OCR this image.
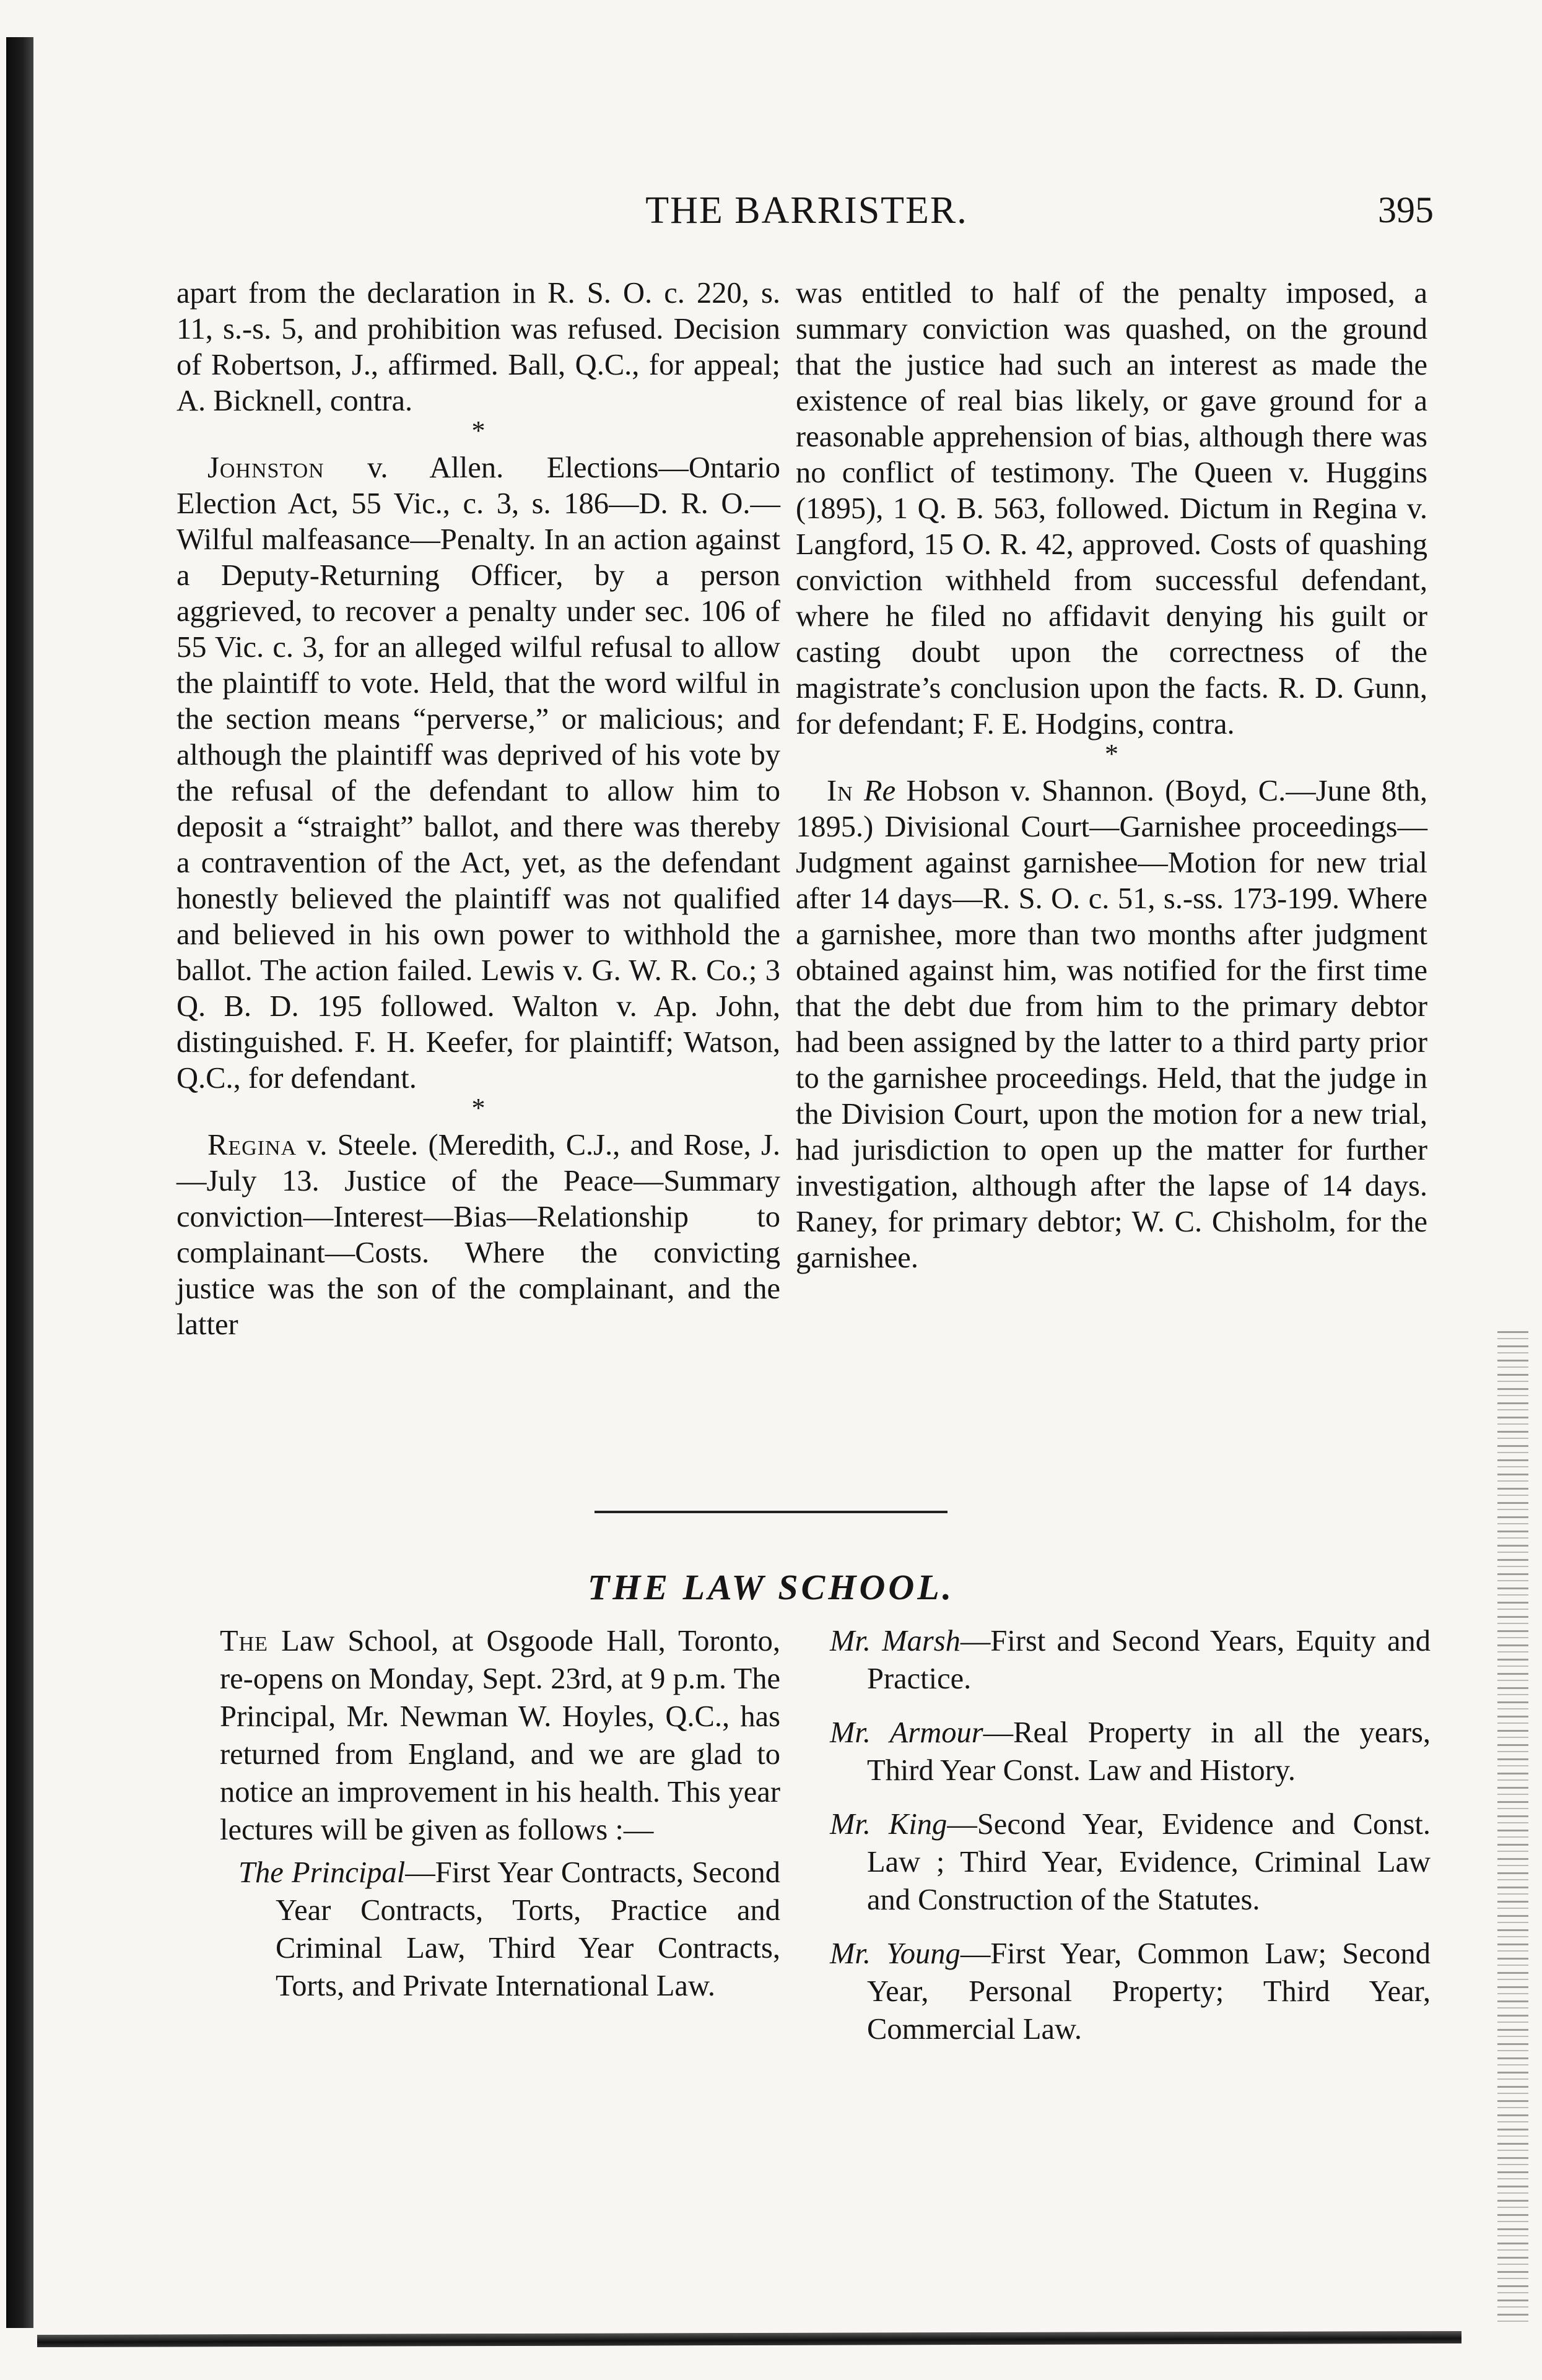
THE BARRISTER.	395

apart from the declaration in R. S. O. c. 220, s. 11, s.-s. 5, and prohibition was refused. Decision of Robertson, J., affirmed. Ball, Q.C., for appeal; A. Bicknell, contra.

*

Johnston v. Allen. Elections—Ontario Election Act, 55 Vic., c. 3, s. 186—D. R. O.—Wilful malfeasance—Penalty. In an action against a Deputy-Returning Officer, by a person aggrieved, to recover a penalty under sec. 106 of 55 Vic. c. 3, for an alleged wilful refusal to allow the plaintiff to vote. Held, that the word wilful in the section means “perverse,” or malicious; and although the plaintiff was deprived of his vote by the refusal of the defendant to allow him to deposit a “straight” ballot, and there was thereby a contravention of the Act, yet, as the defendant honestly believed the plaintiff was not qualified and believed in his own power to withhold the ballot. The action failed. Lewis v. G. W. R. Co.; 3 Q. B. D. 195 followed. Walton v. Ap. John, distinguished. F. H. Keefer, for plaintiff; Watson, Q.C., for defendant.

*

Regina v. Steele. (Meredith, C.J., and Rose, J.—July 13. Justice of the Peace—Summary conviction—Interest—Bias—Relationship to complainant—Costs. Where the convicting justice was the son of the complainant, and the latter

was entitled to half of the penalty imposed, a summary conviction was quashed, on the ground that the justice had such an interest as made the existence of real bias likely, or gave ground for a reasonable apprehension of bias, although there was no conflict of testimony. The Queen v. Huggins (1895), 1 Q. B. 563, followed. Dictum in Regina v. Langford, 15 O. R. 42, approved. Costs of quashing conviction withheld from successful defendant, where he filed no affidavit denying his guilt or casting doubt upon the correctness of the magistrate’s conclusion upon the facts. R. D. Gunn, for defendant; F. E. Hodgins, contra.

*

In Re Hobson v. Shannon. (Boyd, C.—June 8th, 1895.) Divisional Court—Garnishee proceedings—Judgment against garnishee—Motion for new trial after 14 days—R. S. O. c. 51, s.-ss. 173-199. Where a garnishee, more than two months after judgment obtained against him, was notified for the first time that the debt due from him to the primary debtor had been assigned by the latter to a third party prior to the garnishee proceedings. Held, that the judge in the Division Court, upon the motion for a new trial, had jurisdiction to open up the matter for further investigation, although after the lapse of 14 days. Raney, for primary debtor; W. C. Chisholm, for the garnishee.

THE LAW SCHOOL.

The Law School, at Osgoode Hall, Toronto, re-opens on Monday, Sept. 23rd, at 9 p.m. The Principal, Mr. Newman W. Hoyles, Q.C., has returned from England, and we are glad to notice an improvement in his health. This year lectures will be given as follows :—

The Principal—First Year Contracts, Second Year Contracts, Torts, Practice and Criminal Law, Third Year Contracts, Torts, and Private International Law.

Mr. Marsh—First and Second Years, Equity and Practice.

Mr. Armour—Real Property in all the years, Third Year Const. Law and History.

Mr. King—Second Year, Evidence and Const. Law ; Third Year, Evidence, Criminal Law and Construction of the Statutes.

Mr. Young—First Year, Common Law; Second Year, Personal Property; Third Year, Commercial Law.
